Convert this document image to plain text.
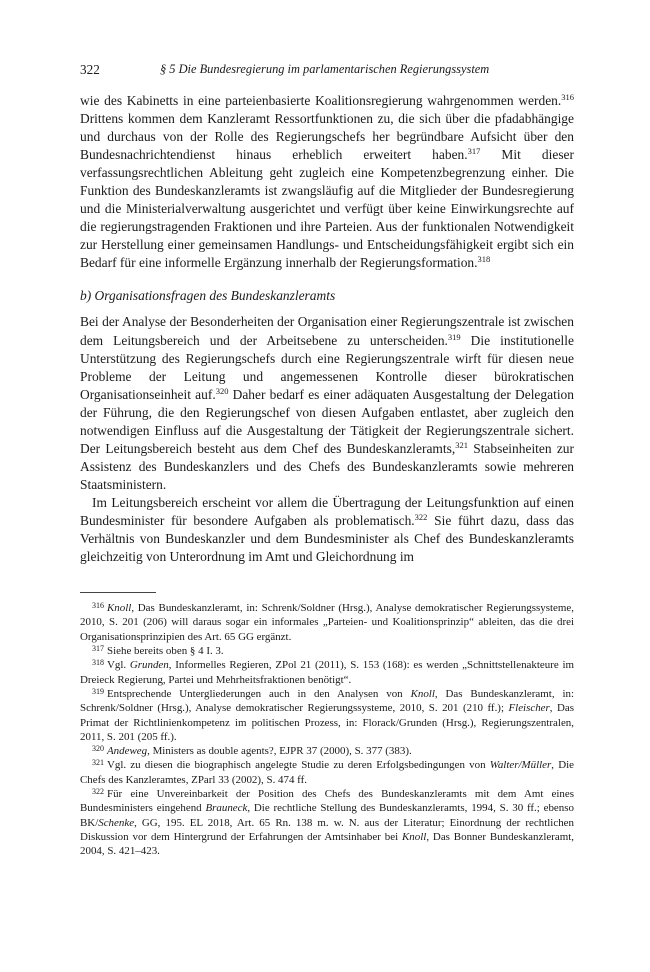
322	§ 5 Die Bundesregierung im parlamentarischen Regierungssystem

wie des Kabinetts in eine parteienbasierte Koalitionsregierung wahrgenommen werden.$^{316}$ Drittens kommen dem Kanzleramt Ressortfunktionen zu, die sich über die pfadabhängige und durchaus von der Rolle des Regierungschefs her begründbare Aufsicht über den Bundesnachrichtendienst hinaus erheblich erweitert haben.$^{317}$ Mit dieser verfassungsrechtlichen Ableitung geht zugleich eine Kompetenzbegrenzung einher. Die Funktion des Bundeskanzleramts ist zwangsläufig auf die Mitglieder der Bundesregierung und die Ministerialverwaltung ausgerichtet und verfügt über keine Einwirkungsrechte auf die regierungstragenden Fraktionen und ihre Parteien. Aus der funktionalen Notwendigkeit zur Herstellung einer gemeinsamen Handlungs- und Entscheidungsfähigkeit ergibt sich ein Bedarf für eine informelle Ergänzung innerhalb der Regierungsformation.$^{318}$

b) Organisationsfragen des Bundeskanzleramts

Bei der Analyse der Besonderheiten der Organisation einer Regierungszentrale ist zwischen dem Leitungsbereich und der Arbeitsebene zu unterscheiden.$^{319}$ Die institutionelle Unterstützung des Regierungschefs durch eine Regierungszentrale wirft für diesen neue Probleme der Leitung und angemessenen Kontrolle dieser bürokratischen Organisationseinheit auf.$^{320}$ Daher bedarf es einer adäquaten Ausgestaltung der Delegation der Führung, die den Regierungschef von diesen Aufgaben entlastet, aber zugleich den notwendigen Einfluss auf die Ausgestaltung der Tätigkeit der Regierungszentrale sichert. Der Leitungsbereich besteht aus dem Chef des Bundeskanzleramts,$^{321}$ Stabseinheiten zur Assistenz des Bundeskanzlers und des Chefs des Bundeskanzleramts sowie mehreren Staatsministern.

Im Leitungsbereich erscheint vor allem die Übertragung der Leitungsfunktion auf einen Bundesminister für besondere Aufgaben als problematisch.$^{322}$ Sie führt dazu, dass das Verhältnis von Bundeskanzler und dem Bundesminister als Chef des Bundeskanzleramts gleichzeitig von Unterordnung im Amt und Gleichordnung im

$^{316}$ Knoll, Das Bundeskanzleramt, in: Schrenk/Soldner (Hrsg.), Analyse demokratischer Regierungssysteme, 2010, S. 201 (206) will daraus sogar ein informales „Parteien- und Koalitionsprinzip“ ableiten, das die drei Organisationsprinzipien des Art. 65 GG ergänzt.

$^{317}$ Siehe bereits oben § 4 I. 3.

$^{318}$ Vgl. Grunden, Informelles Regieren, ZPol 21 (2011), S. 153 (168): es werden „Schnittstellenakteure im Dreieck Regierung, Partei und Mehrheitsfraktionen benötigt“.

$^{319}$ Entsprechende Untergliederungen auch in den Analysen von Knoll, Das Bundeskanzleramt, in: Schrenk/Soldner (Hrsg.), Analyse demokratischer Regierungssysteme, 2010, S. 201 (210 ff.); Fleischer, Das Primat der Richtlinienkompetenz im politischen Prozess, in: Florack/Grunden (Hrsg.), Regierungszentralen, 2011, S. 201 (205 ff.).

$^{320}$ Andeweg, Ministers as double agents?, EJPR 37 (2000), S. 377 (383).

$^{321}$ Vgl. zu diesen die biographisch angelegte Studie zu deren Erfolgsbedingungen von Walter/Müller, Die Chefs des Kanzleramtes, ZParl 33 (2002), S. 474 ff.

$^{322}$ Für eine Unvereinbarkeit der Position des Chefs des Bundeskanzleramts mit dem Amt eines Bundesministers eingehend Brauneck, Die rechtliche Stellung des Bundeskanzleramts, 1994, S. 30 ff.; ebenso BK/Schenke, GG, 195. EL 2018, Art. 65 Rn. 138 m. w. N. aus der Literatur; Einordnung der rechtlichen Diskussion vor dem Hintergrund der Erfahrungen der Amtsinhaber bei Knoll, Das Bonner Bundeskanzleramt, 2004, S. 421–423.
